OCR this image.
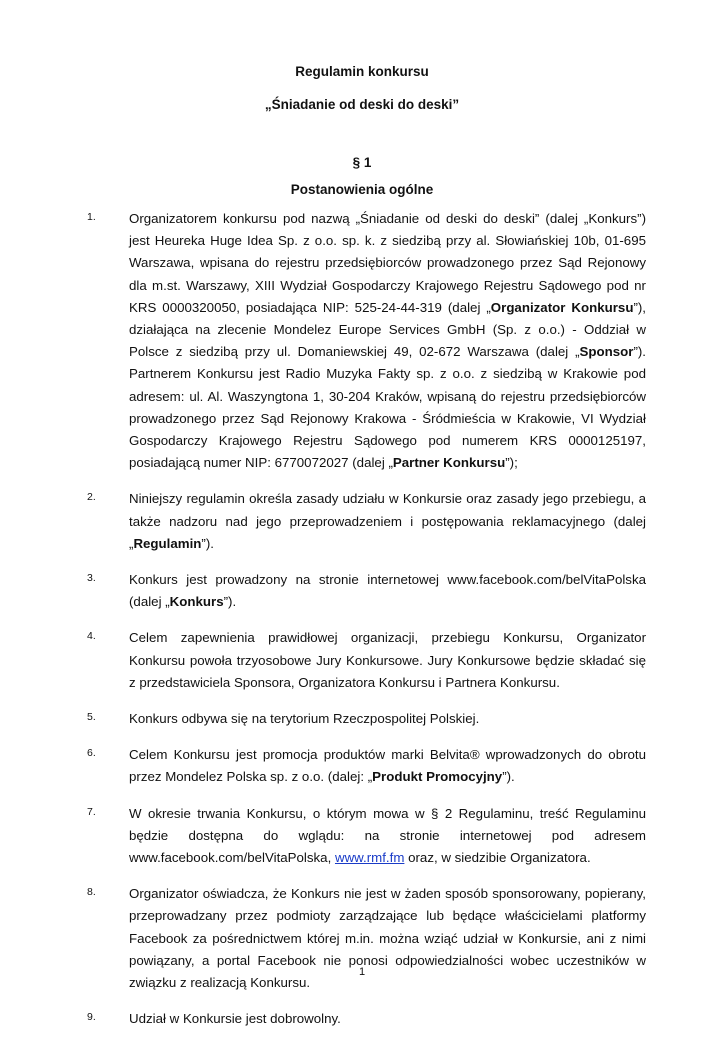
Regulamin konkursu
„Śniadanie od deski do deski”
§ 1
Postanowienia ogólne
1. Organizatorem konkursu pod nazwą „Śniadanie od deski do deski” (dalej „Konkurs”) jest Heureka Huge Idea Sp. z o.o. sp. k. z siedzibą przy al. Słowiańskiej 10b, 01-695 Warszawa, wpisana do rejestru przedsiębiorców prowadzonego przez Sąd Rejonowy dla m.st. Warszawy, XIII Wydział Gospodarczy Krajowego Rejestru Sądowego pod nr KRS 0000320050, posiadająca NIP: 525-24-44-319 (dalej „Organizator Konkursu”), działająca na zlecenie Mondelez Europe Services GmbH (Sp. z o.o.) - Oddział w Polsce z siedzibą przy ul. Domaniewskiej 49, 02-672 Warszawa (dalej „Sponsor”). Partnerem Konkursu jest Radio Muzyka Fakty sp. z o.o. z siedzibą w Krakowie pod adresem: ul. Al. Waszyngtona 1, 30-204 Kraków, wpisaną do rejestru przedsiębiorców prowadzonego przez Sąd Rejonowy Krakowa - Śródmieścia w Krakowie, VI Wydział Gospodarczy Krajowego Rejestru Sądowego pod numerem KRS 0000125197, posiadającą numer NIP: 6770072027 (dalej „Partner Konkursu”);
2. Niniejszy regulamin określa zasady udziału w Konkursie oraz zasady jego przebiegu, a także nadzoru nad jego przeprowadzeniem i postępowania reklamacyjnego (dalej „Regulamin”).
3. Konkurs jest prowadzony na stronie internetowej www.facebook.com/belVitaPolska (dalej „Konkurs”).
4. Celem zapewnienia prawidłowej organizacji, przebiegu Konkursu, Organizator Konkursu powoła trzyosobowe Jury Konkursowe. Jury Konkursowe będzie składać się z przedstawiciela Sponsora, Organizatora Konkursu i Partnera Konkursu.
5. Konkurs odbywa się na terytorium Rzeczpospolitej Polskiej.
6. Celem Konkursu jest promocja produktów marki Belvita® wprowadzonych do obrotu przez Mondelez Polska sp. z o.o. (dalej: „Produkt Promocyjny”).
7. W okresie trwania Konkursu, o którym mowa w § 2 Regulaminu, treść Regulaminu będzie dostępna do wglądu: na stronie internetowej pod adresem www.facebook.com/belVitaPolska, www.rmf.fm oraz, w siedzibie Organizatora.
8. Organizator oświadcza, że Konkurs nie jest w żaden sposób sponsorowany, popierany, przeprowadzany przez podmioty zarządzające lub będące właścicielami platformy Facebook za pośrednictwem której m.in. można wziąć udział w Konkursie, ani z nimi powiązany, a portal Facebook nie ponosi odpowiedzialności wobec uczestników w związku z realizacją Konkursu.
9. Udział w Konkursie jest dobrowolny.
1
